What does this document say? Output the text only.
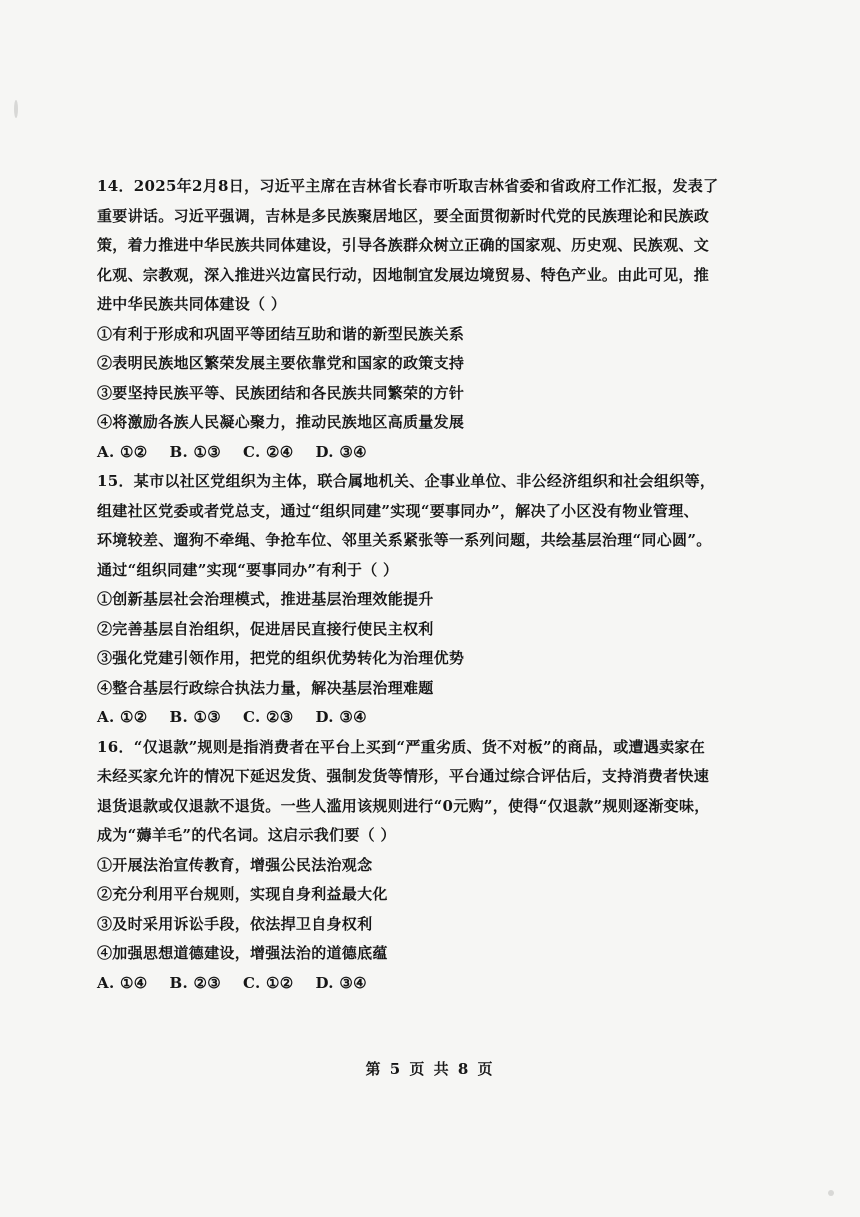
14．2025年2月8日，习近平主席在吉林省长春市听取吉林省委和省政府工作汇报，发表了

重要讲话。习近平强调，吉林是多民族聚居地区，要全面贯彻新时代党的民族理论和民族政

策，着力推进中华民族共同体建设，引导各族群众树立正确的国家观、历史观、民族观、文

化观、宗教观，深入推进兴边富民行动，因地制宜发展边境贸易、特色产业。由此可见，推

进中华民族共同体建设（ ）

①有利于形成和巩固平等团结互助和谐的新型民族关系

②表明民族地区繁荣发展主要依靠党和国家的政策支持

③要坚持民族平等、民族团结和各民族共同繁荣的方针

④将激励各族人民凝心聚力，推动民族地区高质量发展

A. ①② B. ①③ C. ②④ D. ③④

15．某市以社区党组织为主体，联合属地机关、企事业单位、非公经济组织和社会组织等，

组建社区党委或者党总支，通过“组织同建”实现“要事同办”，解决了小区没有物业管理、

环境较差、遛狗不牵绳、争抢车位、邻里关系紧张等一系列问题，共绘基层治理“同心圆”。

通过“组织同建”实现“要事同办”有利于（ ）

①创新基层社会治理模式，推进基层治理效能提升

②完善基层自治组织，促进居民直接行使民主权利

③强化党建引领作用，把党的组织优势转化为治理优势

④整合基层行政综合执法力量，解决基层治理难题

A. ①② B. ①③ C. ②③ D. ③④

16．“仅退款”规则是指消费者在平台上买到“严重劣质、货不对板”的商品，或遭遇卖家在

未经买家允许的情况下延迟发货、强制发货等情形，平台通过综合评估后，支持消费者快速

退货退款或仅退款不退货。一些人滥用该规则进行“0元购”，使得“仅退款”规则逐渐变味，

成为“薅羊毛”的代名词。这启示我们要（ ）

①开展法治宣传教育，增强公民法治观念

②充分利用平台规则，实现自身利益最大化

③及时采用诉讼手段，依法捍卫自身权利

④加强思想道德建设，增强法治的道德底蕴

A. ①④ B. ②③ C. ①② D. ③④
第 5 页 共 8 页
